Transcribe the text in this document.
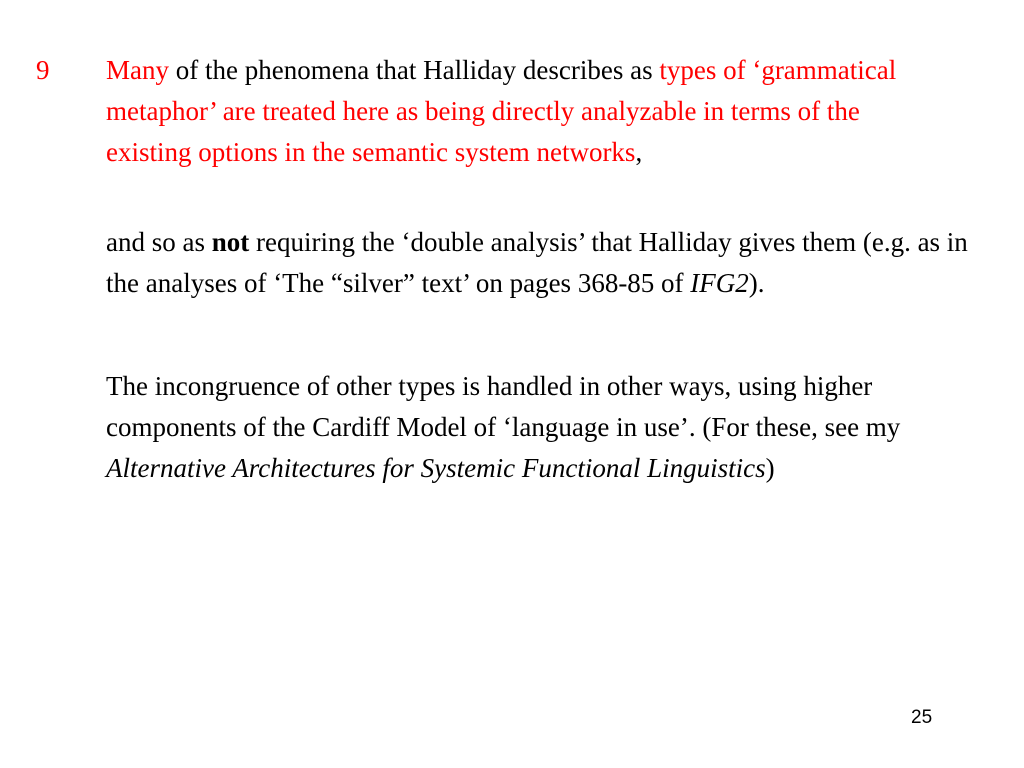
9 Many of the phenomena that Halliday describes as types of ‘grammatical metaphor’ are treated here as being directly analyzable in terms of the existing options in the semantic system networks,

and so as not requiring the ‘double analysis’ that Halliday gives them (e.g. as in the analyses of ‘The “silver” text’ on pages 368-85 of IFG2).

The incongruence of other types is handled in other ways, using higher components of the Cardiff Model of ‘language in use’. (For these, see my Alternative Architectures for Systemic Functional Linguistics)

25
